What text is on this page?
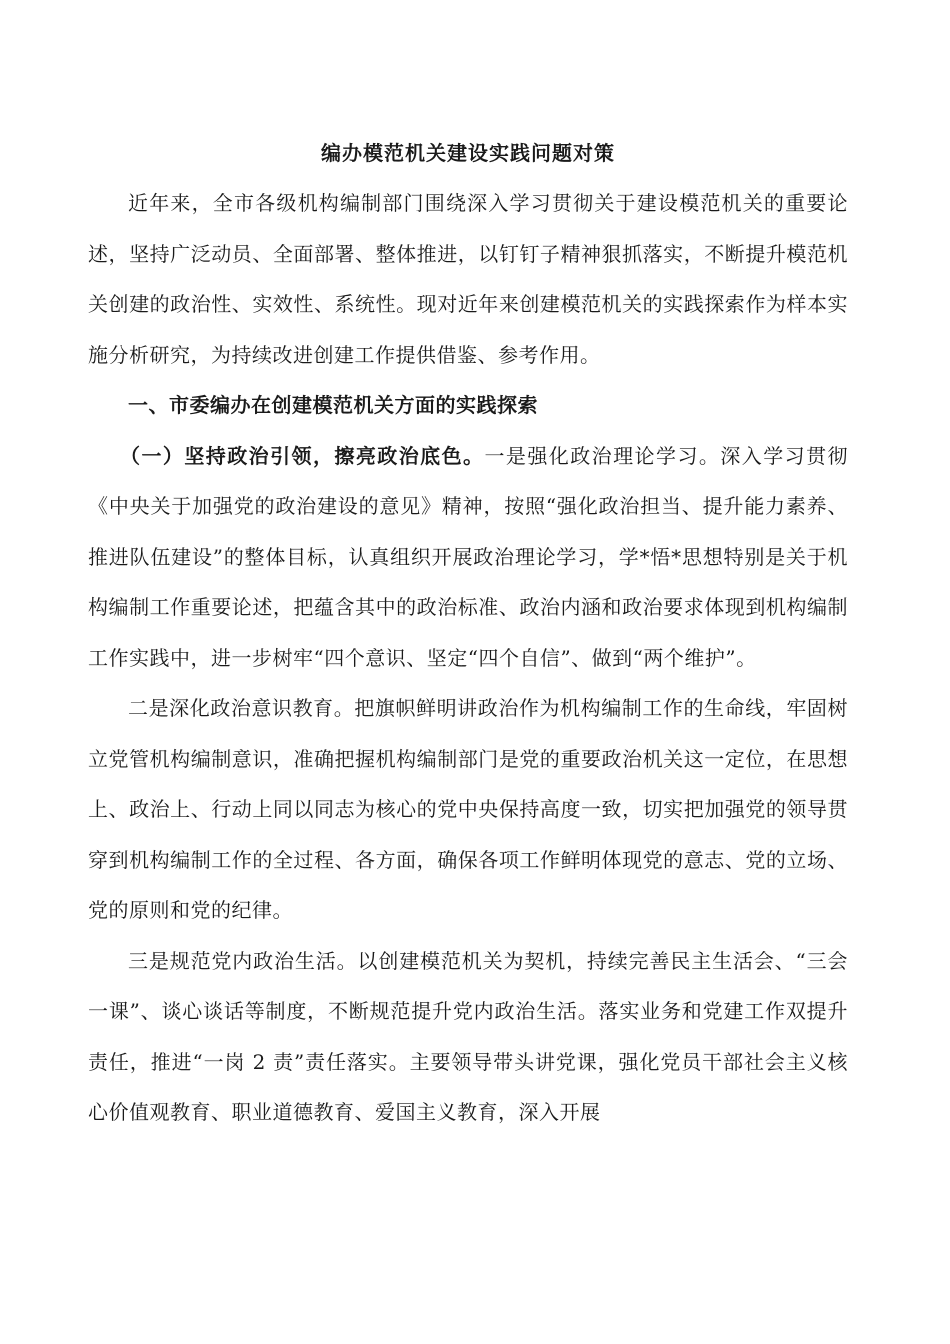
编办模范机关建设实践问题对策

近年来，全市各级机构编制部门围绕深入学习贯彻关于建设模范机关的重要论述，坚持广泛动员、全面部署、整体推进，以钉钉子精神狠抓落实，不断提升模范机关创建的政治性、实效性、系统性。现对近年来创建模范机关的实践探索作为样本实施分析研究，为持续改进创建工作提供借鉴、参考作用。

一、市委编办在创建模范机关方面的实践探索

（一）坚持政治引领，擦亮政治底色。一是强化政治理论学习。深入学习贯彻《中央关于加强党的政治建设的意见》精神，按照“强化政治担当、提升能力素养、推进队伍建设”的整体目标，认真组织开展政治理论学习，学*悟*思想特别是关于机构编制工作重要论述，把蕴含其中的政治标准、政治内涵和政治要求体现到机构编制工作实践中，进一步树牢“四个意识、坚定“四个自信”、做到“两个维护”。

二是深化政治意识教育。把旗帜鲜明讲政治作为机构编制工作的生命线，牢固树立党管机构编制意识，准确把握机构编制部门是党的重要政治机关这一定位，在思想上、政治上、行动上同以同志为核心的党中央保持高度一致，切实把加强党的领导贯穿到机构编制工作的全过程、各方面，确保各项工作鲜明体现党的意志、党的立场、党的原则和党的纪律。

三是规范党内政治生活。以创建模范机关为契机，持续完善民主生活会、“三会一课”、谈心谈话等制度，不断规范提升党内政治生活。落实业务和党建工作双提升责任，推进“一岗 2 责”责任落实。主要领导带头讲党课，强化党员干部社会主义核心价值观教育、职业道德教育、爱国主义教育，深入开展
